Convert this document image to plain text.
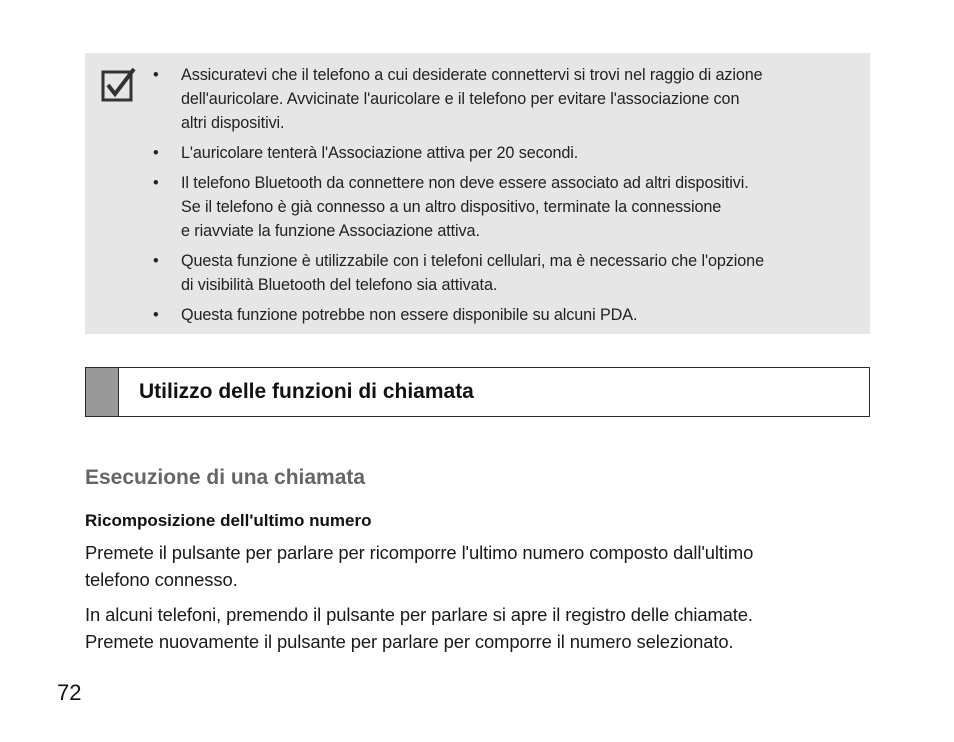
• Assicuratevi che il telefono a cui desiderate connettervi si trovi nel raggio di azione
dell'auricolare. Avvicinate l'auricolare e il telefono per evitare l'associazione con
altri dispositivi.
• L'auricolare tenterà l'Associazione attiva per 20 secondi.
• Il telefono Bluetooth da connettere non deve essere associato ad altri dispositivi.
Se il telefono è già connesso a un altro dispositivo, terminate la connessione
e riavviate la funzione Associazione attiva.
• Questa funzione è utilizzabile con i telefoni cellulari, ma è necessario che l'opzione
di visibilità Bluetooth del telefono sia attivata.
• Questa funzione potrebbe non essere disponibile su alcuni PDA.
Utilizzo delle funzioni di chiamata
Esecuzione di una chiamata
Ricomposizione dell'ultimo numero

Premete il pulsante per parlare per ricomporre l'ultimo numero composto dall'ultimo
telefono connesso.

In alcuni telefoni, premendo il pulsante per parlare si apre il registro delle chiamate.
Premete nuovamente il pulsante per parlare per comporre il numero selezionato.

72
